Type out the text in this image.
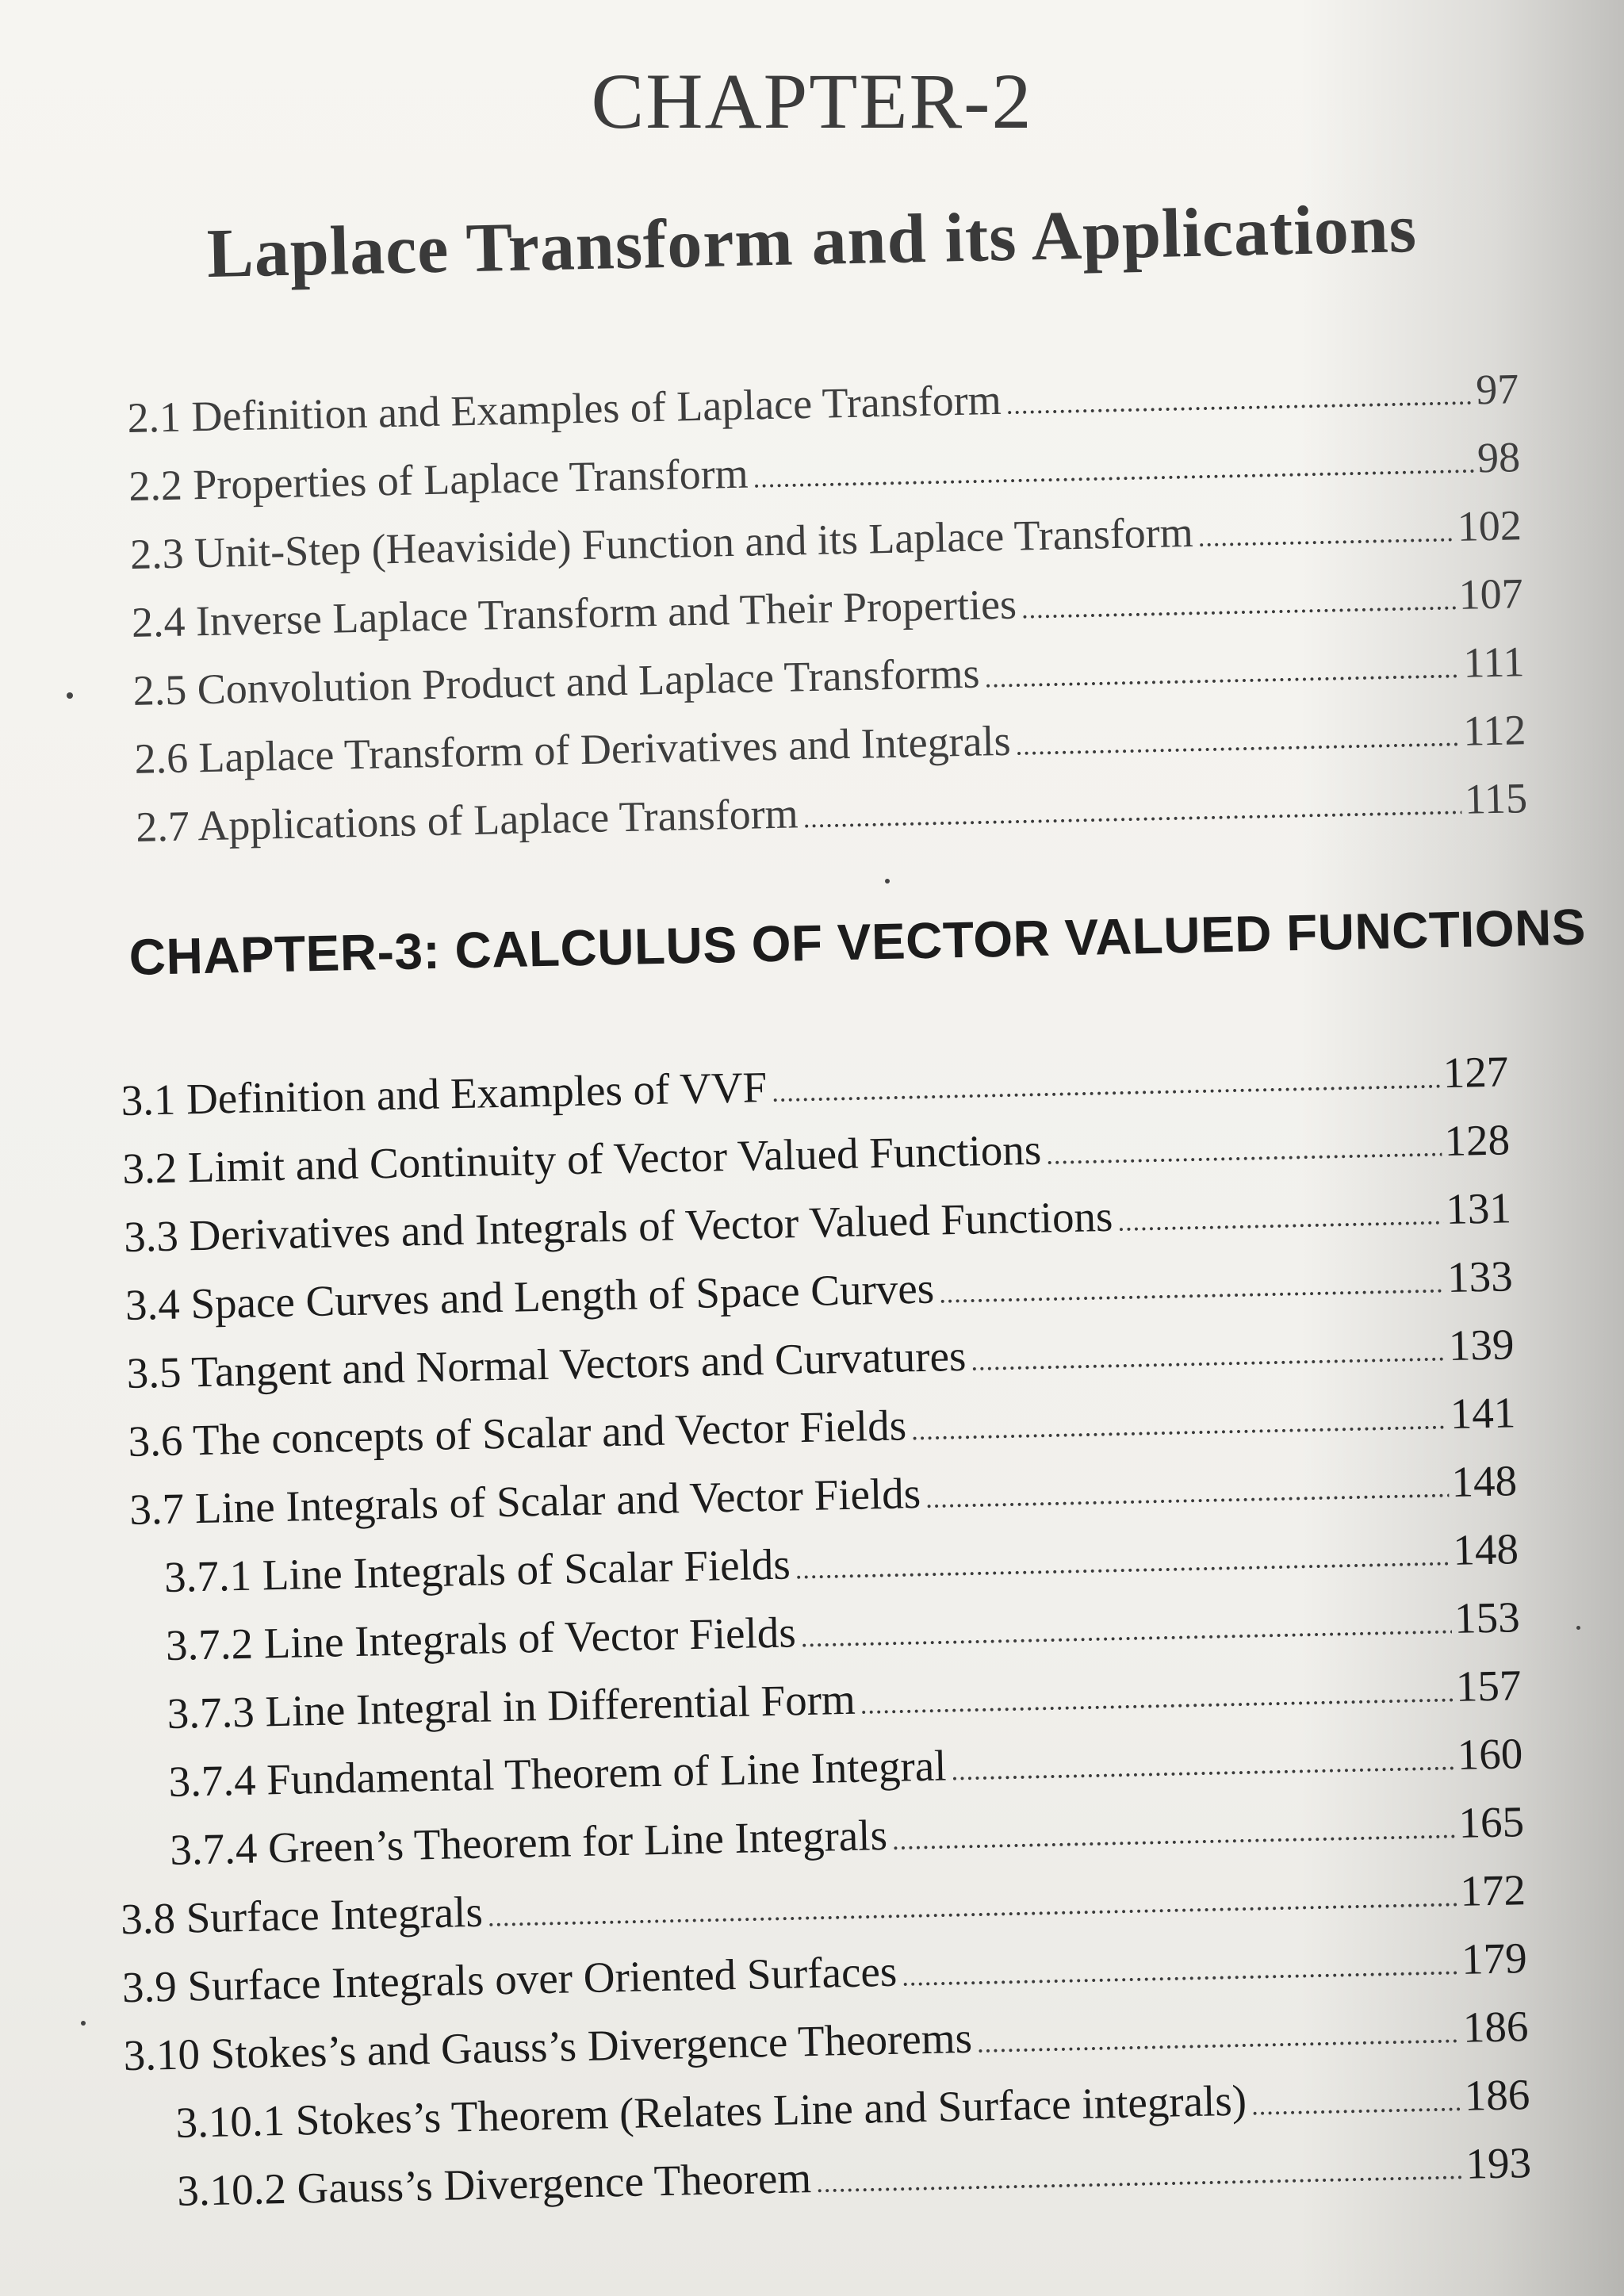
CHAPTER-2
Laplace Transform and its Applications
2.1 Definition and Examples of Laplace Transform .....	97
2.2 Properties of Laplace Transform .....	98
2.3 Unit-Step (Heaviside) Function and its Laplace Transform .....	102
2.4 Inverse Laplace Transform and Their Properties .....	107
2.5 Convolution Product and Laplace Transforms .....	111
2.6 Laplace Transform of Derivatives and Integrals .....	112
2.7 Applications of Laplace Transform .....	115
CHAPTER-3: CALCULUS OF VECTOR VALUED FUNCTIONS
3.1 Definition and Examples of VVF .....	127
3.2 Limit and Continuity of Vector Valued Functions .....	128
3.3 Derivatives and Integrals of Vector Valued Functions .....	131
3.4 Space Curves and Length of Space Curves .....	133
3.5 Tangent and Normal Vectors and Curvatures .....	139
3.6 The concepts of Scalar and Vector Fields .....	141
3.7 Line Integrals of Scalar and Vector Fields .....	148
3.7.1 Line Integrals of Scalar Fields .....	148
3.7.2 Line Integrals of Vector Fields .....	153
3.7.3 Line Integral in Differential Form .....	157
3.7.4 Fundamental Theorem of Line Integral .....	160
3.7.4 Green’s Theorem for Line Integrals .....	165
3.8 Surface Integrals .....	172
3.9 Surface Integrals over Oriented Surfaces .....	179
3.10 Stokes’s and Gauss’s Divergence Theorems .....	186
3.10.1 Stokes’s Theorem (Relates Line and Surface integrals) .....	186
3.10.2 Gauss’s Divergence Theorem .....	193
